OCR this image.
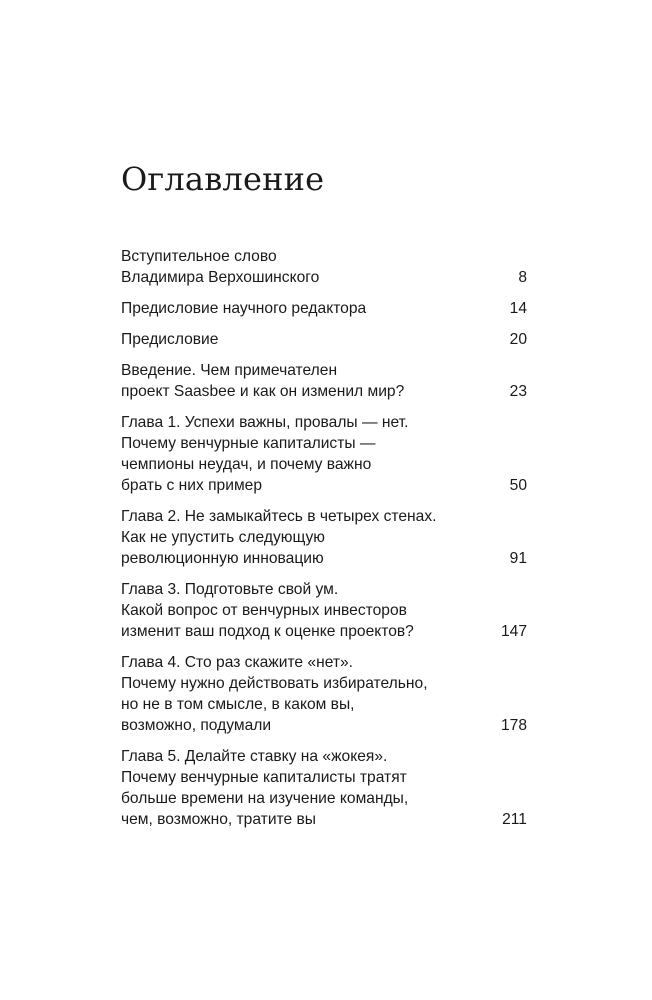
Оглавление
Вступительное слово
Владимира Верхошинского	8
Предисловие научного редактора	14
Предисловие	20
Введение. Чем примечателен
проект Saasbee и как он изменил мир?	23
Глава 1. Успехи важны, провалы — нет.
Почему венчурные капиталисты —
чемпионы неудач, и почему важно
брать с них пример	50
Глава 2. Не замыкайтесь в четырех стенах.
Как не упустить следующую
революционную инновацию	91
Глава 3. Подготовьте свой ум.
Какой вопрос от венчурных инвесторов
изменит ваш подход к оценке проектов?	147
Глава 4. Сто раз скажите «нет».
Почему нужно действовать избирательно,
но не в том смысле, в каком вы,
возможно, подумали	178
Глава 5. Делайте ставку на «жокея».
Почему венчурные капиталисты тратят
больше времени на изучение команды,
чем, возможно, тратите вы	211
